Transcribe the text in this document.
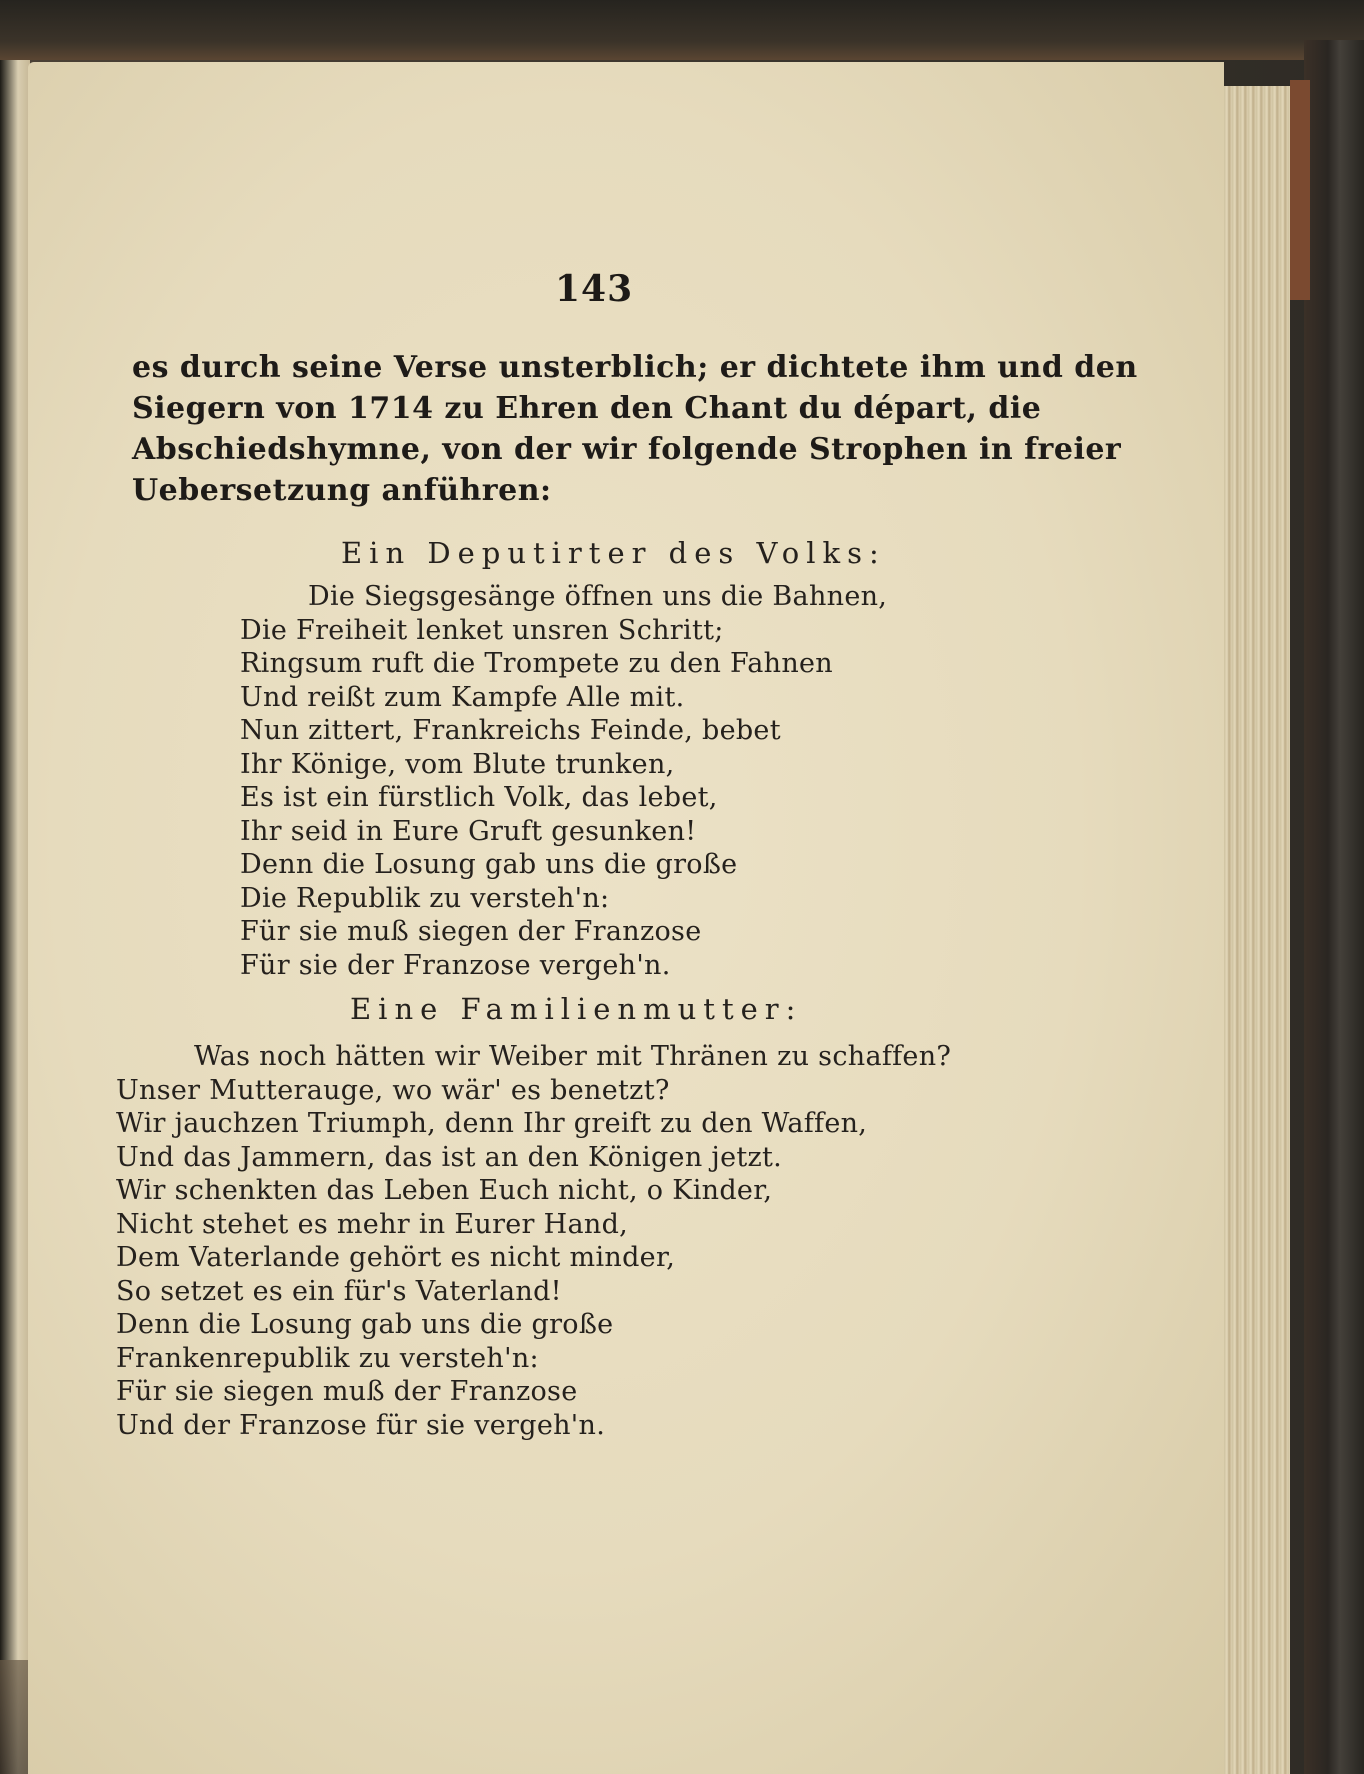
143
es durch seine Verse unsterblich; er dichtete ihm und den
Siegern von 1714 zu Ehren den Chant du départ, die
Abschiedshymne, von der wir folgende Strophen in freier
Uebersetzung anführen:
Ein Deputirter des Volks:
Die Siegsgesänge öffnen uns die Bahnen,
Die Freiheit lenket unsren Schritt;
Ringsum ruft die Trompete zu den Fahnen
Und reißt zum Kampfe Alle mit.
Nun zittert, Frankreichs Feinde, bebet
Ihr Könige, vom Blute trunken,
Es ist ein fürstlich Volk, das lebet,
Ihr seid in Eure Gruft gesunken!
Denn die Losung gab uns die große
Die Republik zu versteh'n:
Für sie muß siegen der Franzose
Für sie der Franzose vergeh'n.
Eine Familienmutter:
Was noch hätten wir Weiber mit Thränen zu schaffen?
Unser Mutterauge, wo wär' es benetzt?
Wir jauchzen Triumph, denn Ihr greift zu den Waffen,
Und das Jammern, das ist an den Königen jetzt.
Wir schenkten das Leben Euch nicht, o Kinder,
Nicht stehet es mehr in Eurer Hand,
Dem Vaterlande gehört es nicht minder,
So setzet es ein für's Vaterland!
Denn die Losung gab uns die große
Frankenrepublik zu versteh'n:
Für sie siegen muß der Franzose
Und der Franzose für sie vergeh'n.
